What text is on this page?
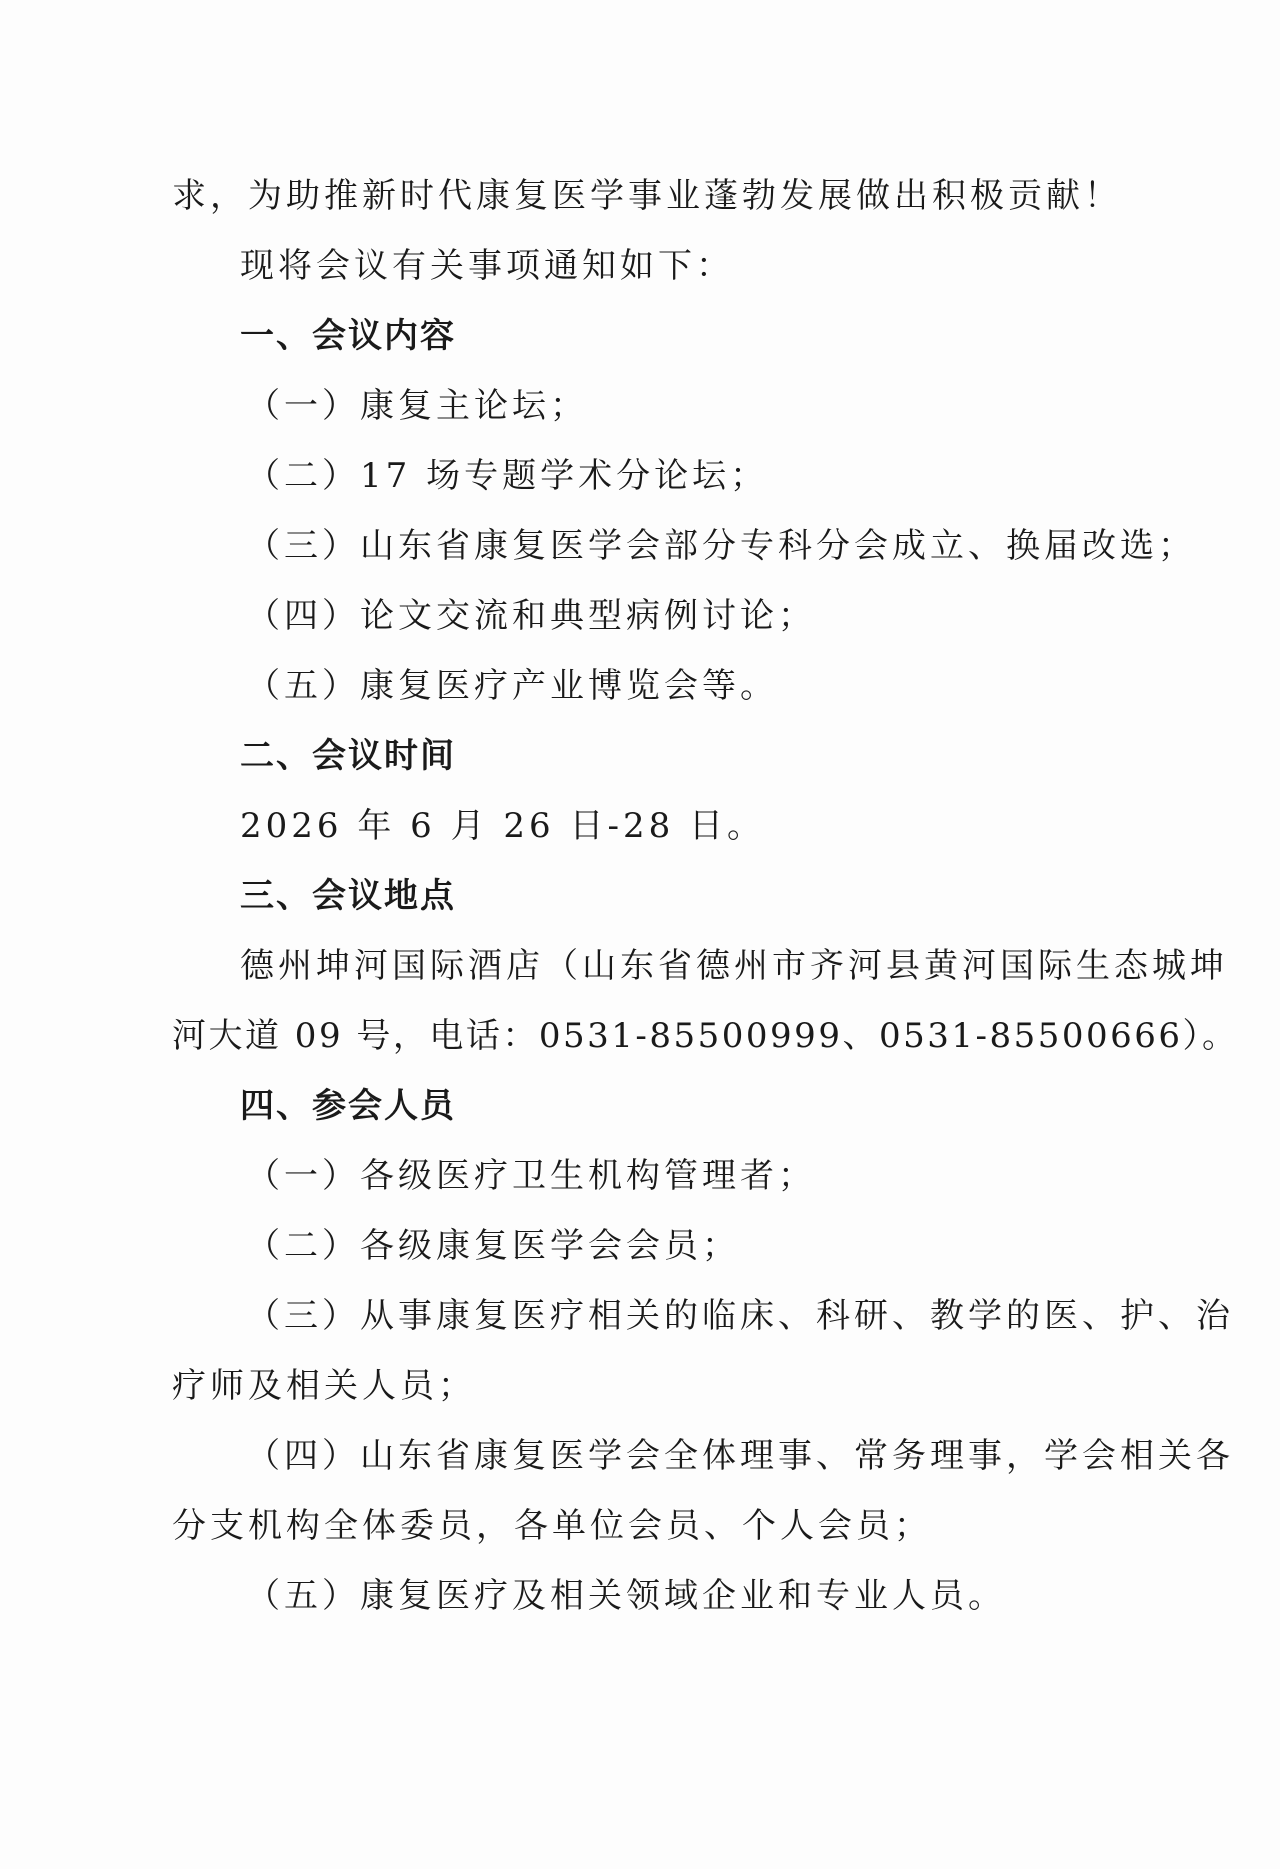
求，为助推新时代康复医学事业蓬勃发展做出积极贡献！
现将会议有关事项通知如下：
一、会议内容
（一）康复主论坛；
（二）17 场专题学术分论坛；
（三）山东省康复医学会部分专科分会成立、换届改选；
（四）论文交流和典型病例讨论；
（五）康复医疗产业博览会等。
二、会议时间
2026 年 6 月 26 日-28 日。
三、会议地点
德州坤河国际酒店（山东省德州市齐河县黄河国际生态城坤
河大道 09 号，电话：0531-85500999、0531-85500666）。
四、参会人员
（一）各级医疗卫生机构管理者；
（二）各级康复医学会会员；
（三）从事康复医疗相关的临床、科研、教学的医、护、治
疗师及相关人员；
（四）山东省康复医学会全体理事、常务理事，学会相关各
分支机构全体委员，各单位会员、个人会员；
（五）康复医疗及相关领域企业和专业人员。
